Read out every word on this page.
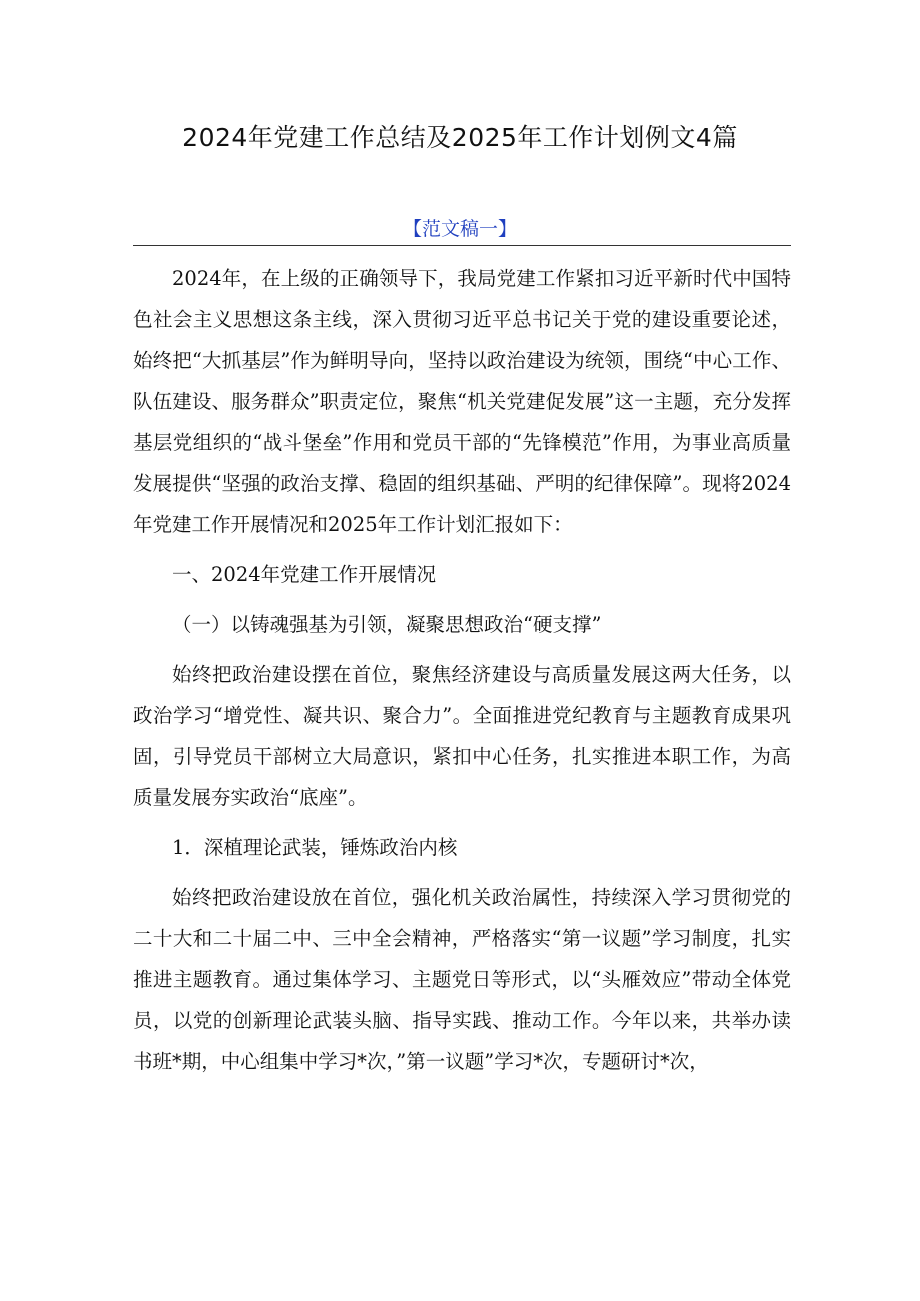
2024年党建工作总结及2025年工作计划例文4篇
【范文稿一】

2024年，在上级的正确领导下，我局党建工作紧扣习近平新时代中国特色社会主义思想这条主线，深入贯彻习近平总书记关于党的建设重要论述，始终把“大抓基层”作为鲜明导向，坚持以政治建设为统领，围绕“中心工作、队伍建设、服务群众”职责定位，聚焦“机关党建促发展”这一主题，充分发挥基层党组织的“战斗堡垒”作用和党员干部的“先锋模范”作用，为事业高质量发展提供“坚强的政治支撑、稳固的组织基础、严明的纪律保障”。现将2024年党建工作开展情况和2025年工作计划汇报如下：

一、2024年党建工作开展情况

（一）以铸魂强基为引领，凝聚思想政治“硬支撑”

始终把政治建设摆在首位，聚焦经济建设与高质量发展这两大任务，以政治学习“增党性、凝共识、聚合力”。全面推进党纪教育与主题教育成果巩固，引导党员干部树立大局意识，紧扣中心任务，扎实推进本职工作，为高质量发展夯实政治“底座”。

1．深植理论武装，锤炼政治内核

始终把政治建设放在首位，强化机关政治属性，持续深入学习贯彻党的二十大和二十届二中、三中全会精神，严格落实“第一议题”学习制度，扎实推进主题教育。通过集体学习、主题党日等形式，以“头雁效应”带动全体党员，以党的创新理论武装头脑、指导实践、推动工作。今年以来，共举办读书班*期，中心组集中学习*次，”第一议题”学习*次，专题研讨*次，
